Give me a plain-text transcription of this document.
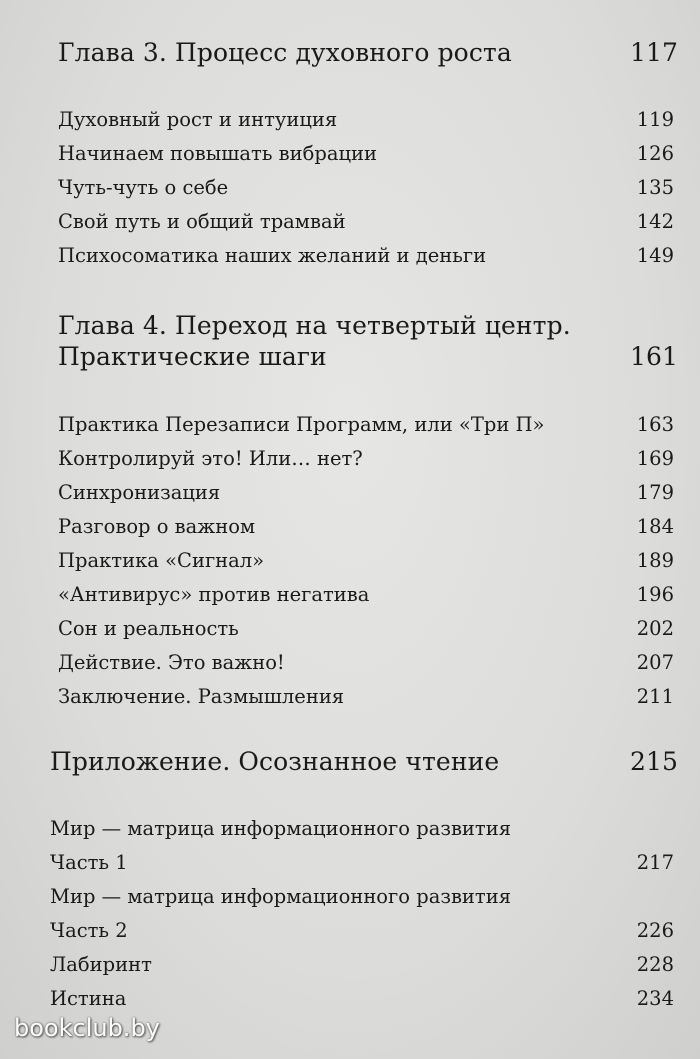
Глава 3. Процесс духовного роста	117
Духовный рост и интуиция	119
Начинаем повышать вибрации	126
Чуть-чуть о себе	135
Свой путь и общий трамвай	142
Психосоматика наших желаний и деньги	149
Глава 4. Переход на четвертый центр.
Практические шаги	161
Практика Перезаписи Программ, или «Три П»	163
Контролируй это! Или… нет?	169
Синхронизация	179
Разговор о важном	184
Практика «Сигнал»	189
«Антивирус» против негатива	196
Сон и реальность	202
Действие. Это важно!	207
Заключение. Размышления	211
Приложение. Осознанное чтение	215
Мир — матрица информационного развития
Часть 1	217
Мир — матрица информационного развития
Часть 2	226
Лабиринт	228
Истина	234
bookclub.by
